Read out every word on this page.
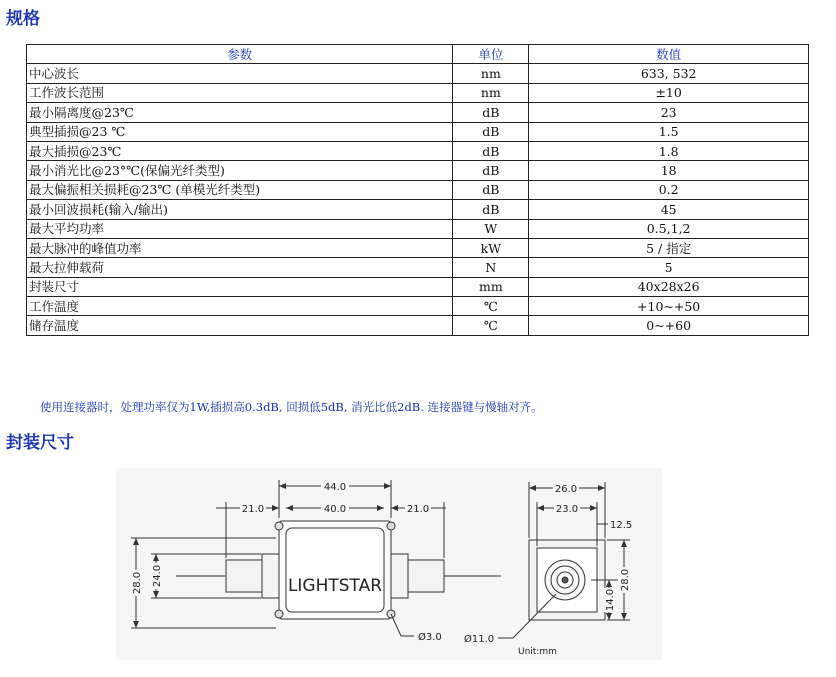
规格
参数	单位	数值
中心波长	nm	633, 532
工作波长范围	nm	±10
最小隔离度@23℃	dB	23
典型插损@23 ℃	dB	1.5
最大插损@23℃	dB	1.8
最小消光比@23°℃(保偏光纤类型)	dB	18
最大偏振相关损耗@23℃ (单模光纤类型)	dB	0.2
最小回波损耗(输入/输出)	dB	45
最大平均功率	W	0.5,1,2
最大脉冲的峰值功率	kW	5 / 指定
最大拉伸载荷	N	5
封装尺寸	mm	40x28x26
工作温度	℃	+10~+50
储存温度	℃	0~+60
使用连接器时，处理功率仅为1W,插损高0.3dB, 回损低5dB, 消光比低2dB. 连接器键与慢轴对齐。
封装尺寸
44.0
40.0
21.0	21.0
28.0 24.0	LIGHTSTAR
Ø3.0
26.0
23.0
12.5
28.0
14.0
Ø11.0
Unit:mm
